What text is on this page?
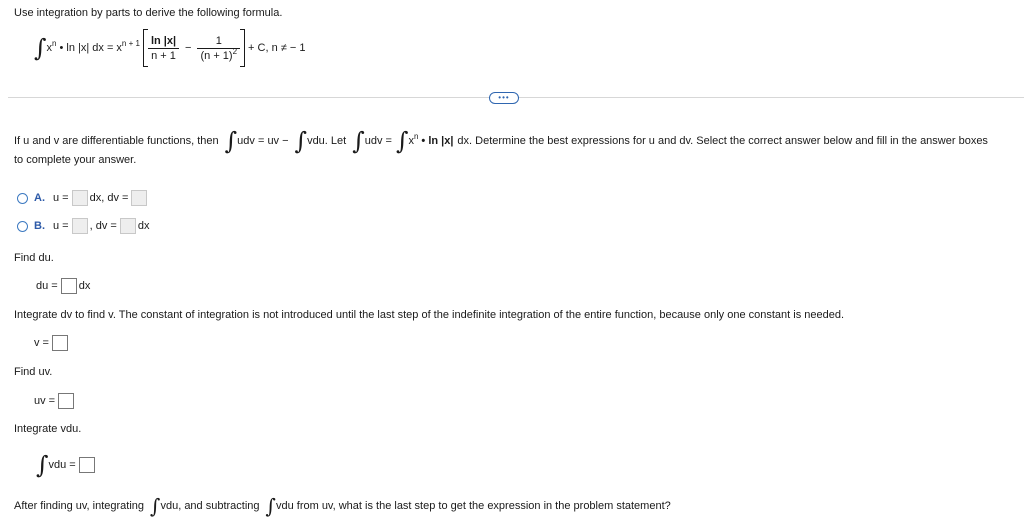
Use integration by parts to derive the following formula.
∫ x n • ln |x| dx = x $n + 1 \frac{\ln |x|}{n + 1} - \frac{1}{(n + 1)^2} + C$, n ≠ − 1
•••
If u and v are differentiable functions, then ∫ udv = uv − ∫ vdu. Let ∫ udv = ∫ x n • ln |x| dx. Determine the best expressions for u and dv. Select the correct answer below and fill in the answer boxes
to complete your answer.
A. u = dx, dv =
B. u = , dv = dx
Find du.
du = dx
Integrate dv to find v. The constant of integration is not introduced until the last step of the indefinite integration of the entire function, because only one constant is needed.
v =
Find uv.
uv =
Integrate vdu.
∫ vdu =
After finding uv, integrating ∫ vdu, and subtracting ∫ vdu from uv, what is the last step to get the expression in the problem statement?
